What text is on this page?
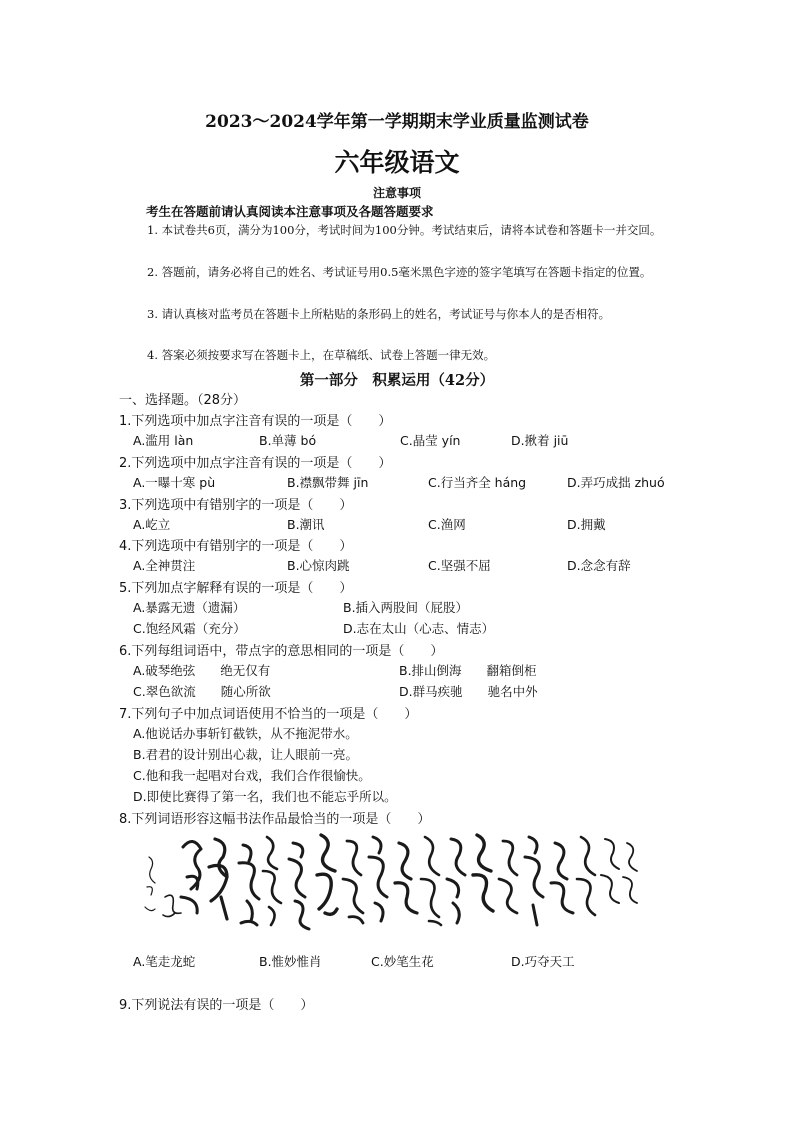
2023～2024学年第一学期期末学业质量监测试卷
六年级语文
注意事项
考生在答题前请认真阅读本注意事项及各题答题要求
1. 本试卷共6页，满分为100分，考试时间为100分钟。考试结束后，请将本试卷和答题卡一并交回。
2. 答题前，请务必将自己的姓名、考试证号用0.5毫米黑色字迹的签字笔填写在答题卡指定的位置。
3. 请认真核对监考员在答题卡上所粘贴的条形码上的姓名，考试证号与你本人的是否相符。
4. 答案必须按要求写在答题卡上，在草稿纸、试卷上答题一律无效。
第一部分　积累运用（42分）
一、选择题。（28分）
1.下列选项中加点字注音有误的一项是（　　）
A.滥用 làn	B.单薄 bó	C.晶莹 yín	D.揪着 jiū
2.下列选项中加点字注音有误的一项是（　　）
A.一曝十寒 pù	B.襟飘带舞 jīn	C.行当齐全 háng	D.弄巧成拙 zhuó
3.下列选项中有错别字的一项是（　　）
A.屹立	B.潮讯	C.渔网	D.拥戴
4.下列选项中有错别字的一项是（　　）
A.全神贯注	B.心惊肉跳	C.坚强不屈	D.念念有辞
5.下列加点字解释有误的一项是（　　）
A.暴露无遗（遗漏）	B.插入两股间（屁股）
C.饱经风霜（充分）	D.志在太山（心志、情志）
6.下列每组词语中，带点字的意思相同的一项是（　　）
A.破琴绝弦　　绝无仅有	B.排山倒海　　翻箱倒柜
C.翠色欲流　　随心所欲	D.群马疾驰　　驰名中外
7.下列句子中加点词语使用不恰当的一项是（　　）
A.他说话办事斩钉截铁，从不拖泥带水。
B.君君的设计别出心裁，让人眼前一亮。
C.他和我一起唱对台戏，我们合作很愉快。
D.即使比赛得了第一名，我们也不能忘乎所以。
8.下列词语形容这幅书法作品最恰当的一项是（　　）
A.笔走龙蛇	B.惟妙惟肖	C.妙笔生花	D.巧夺天工
9.下列说法有误的一项是（　　）
